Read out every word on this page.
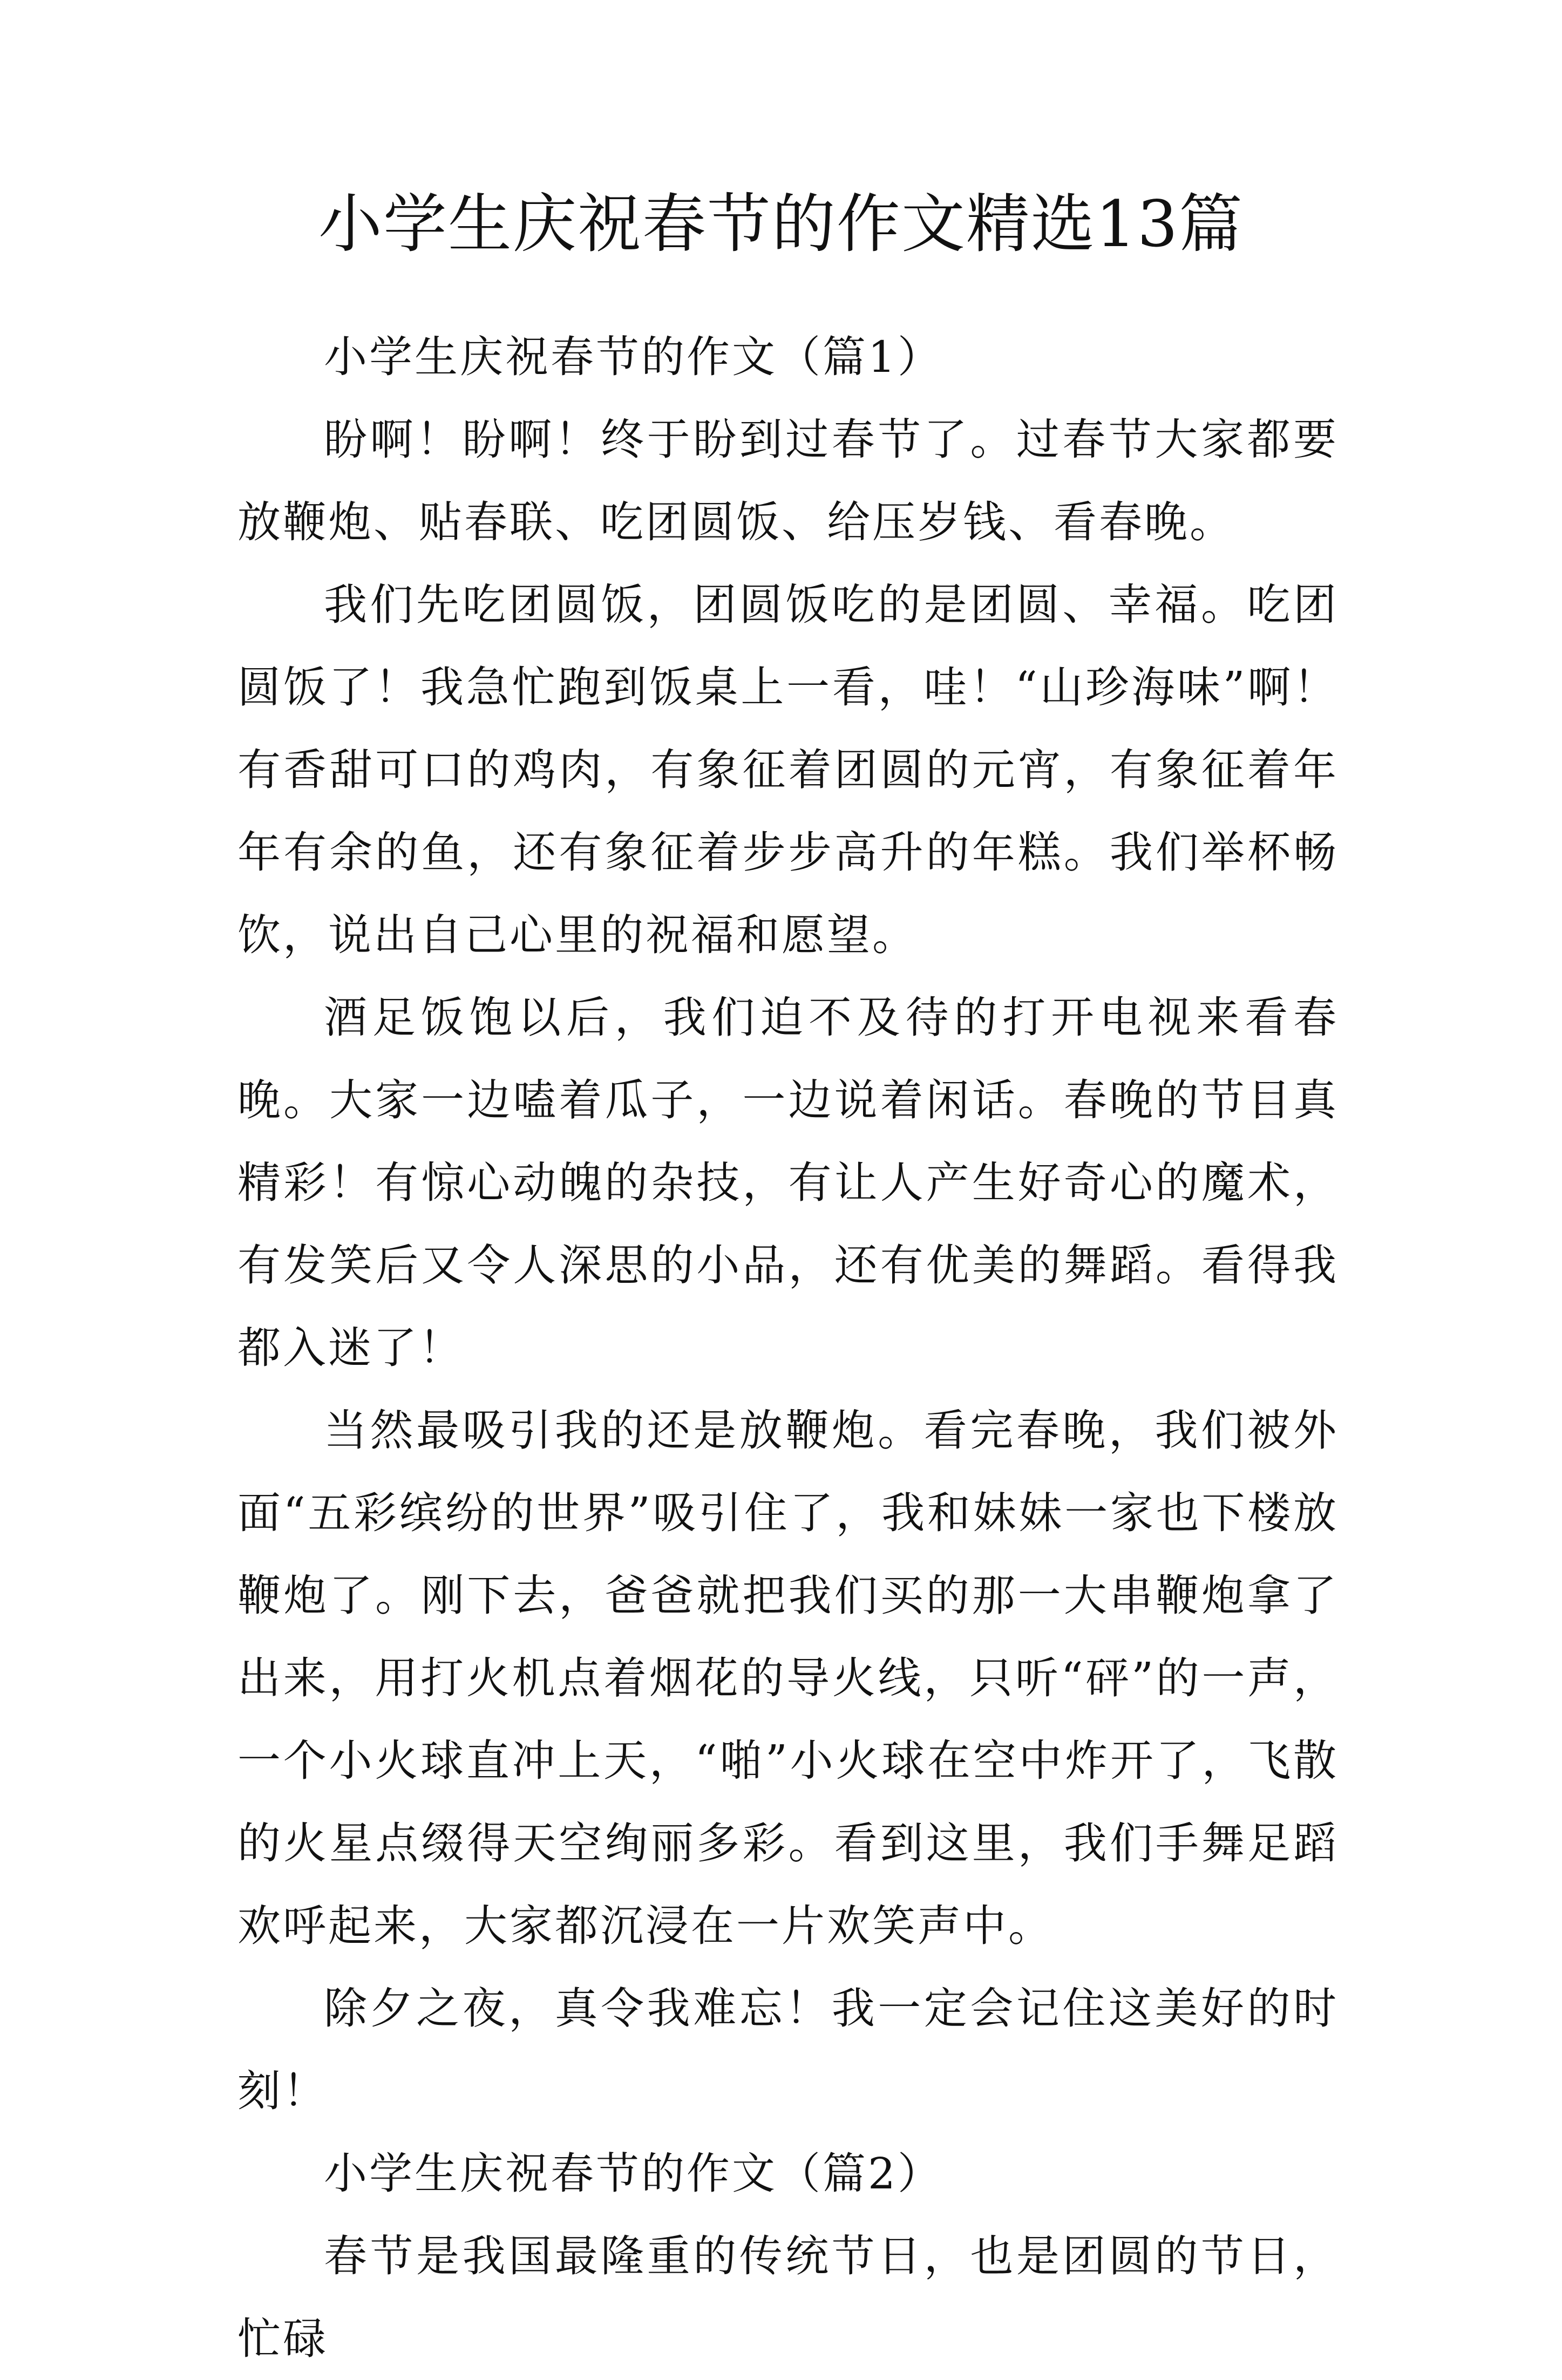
小学生庆祝春节的作文精选13篇

小学生庆祝春节的作文（篇1）

盼啊！盼啊！终于盼到过春节了。过春节大家都要放鞭炮、贴春联、吃团圆饭、给压岁钱、看春晚。

我们先吃团圆饭，团圆饭吃的是团圆、幸福。吃团圆饭了！我急忙跑到饭桌上一看，哇！“山珍海味”啊！有香甜可口的鸡肉，有象征着团圆的元宵，有象征着年年有余的鱼，还有象征着步步高升的年糕。我们举杯畅饮，说出自己心里的祝福和愿望。

酒足饭饱以后，我们迫不及待的打开电视来看春晚。大家一边嗑着瓜子，一边说着闲话。春晚的节目真精彩！有惊心动魄的杂技，有让人产生好奇心的魔术，有发笑后又令人深思的小品，还有优美的舞蹈。看得我都入迷了！

当然最吸引我的还是放鞭炮。看完春晚，我们被外面“五彩缤纷的世界”吸引住了，我和妹妹一家也下楼放鞭炮了。刚下去，爸爸就把我们买的那一大串鞭炮拿了出来，用打火机点着烟花的导火线，只听“砰”的一声，一个小火球直冲上天，“啪”小火球在空中炸开了，飞散的火星点缀得天空绚丽多彩。看到这里，我们手舞足蹈欢呼起来，大家都沉浸在一片欢笑声中。

除夕之夜，真令我难忘！我一定会记住这美好的时刻！

小学生庆祝春节的作文（篇2）

春节是我国最隆重的传统节日，也是团圆的节日，忙碌
